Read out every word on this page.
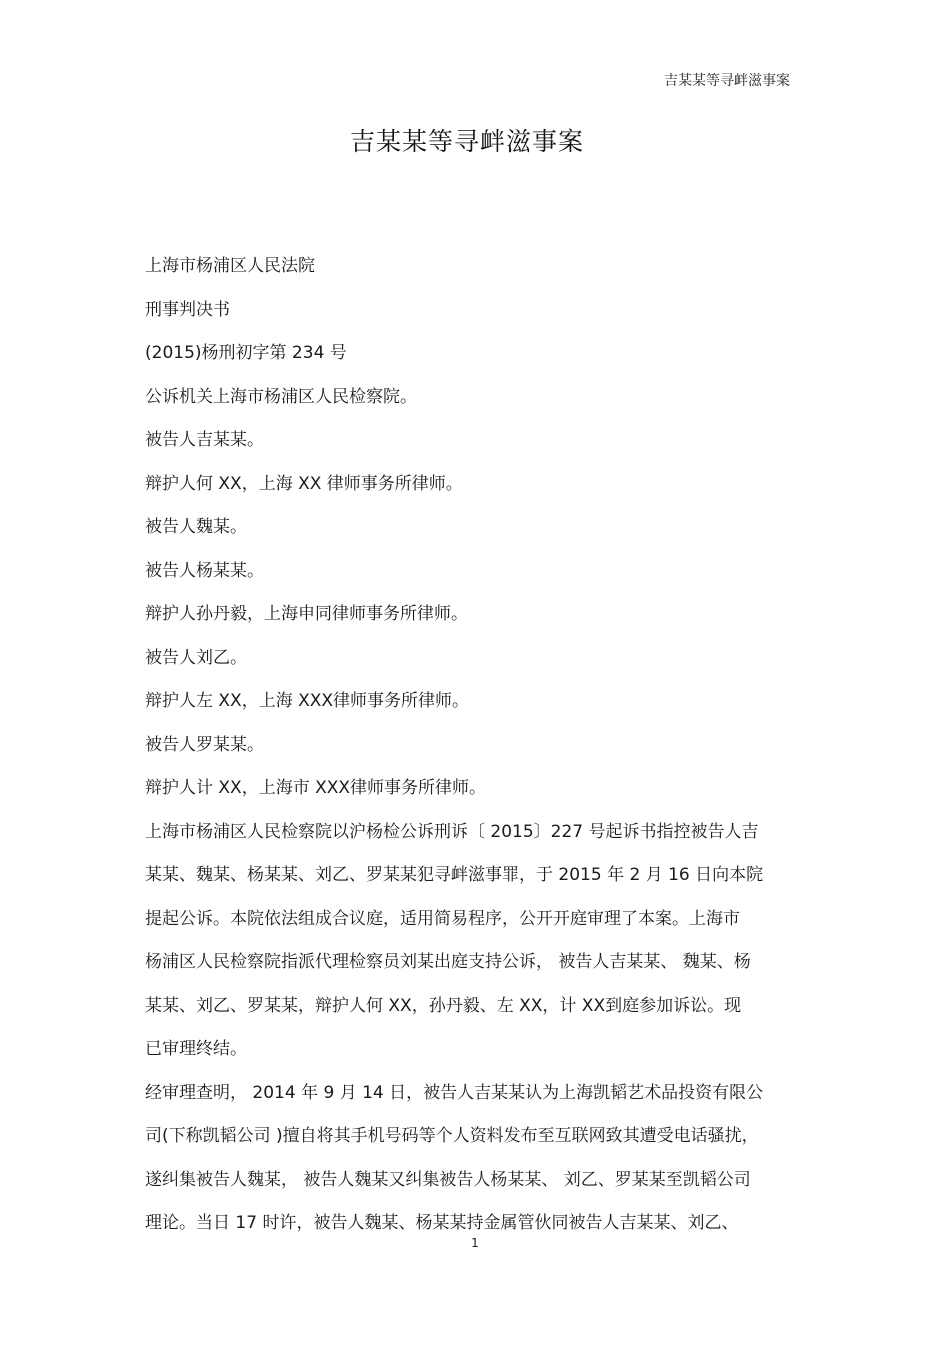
吉某某等寻衅滋事案
吉某某等寻衅滋事案
上海市杨浦区人民法院
刑事判决书
(2015)杨刑初字第 234 号
公诉机关上海市杨浦区人民检察院。
被告人吉某某。
辩护人何 XX，上海 XX 律师事务所律师。
被告人魏某。
被告人杨某某。
辩护人孙丹毅，上海申同律师事务所律师。
被告人刘乙。
辩护人左 XX，上海 XXX律师事务所律师。
被告人罗某某。
辩护人计 XX，上海市 XXX律师事务所律师。
上海市杨浦区人民检察院以沪杨检公诉刑诉〔 2015〕227 号起诉书指控被告人吉
某某、魏某、杨某某、刘乙、罗某某犯寻衅滋事罪，于 2015 年 2 月 16 日向本院
提起公诉。本院依法组成合议庭，适用简易程序，公开开庭审理了本案。上海市
杨浦区人民检察院指派代理检察员刘某出庭支持公诉， 被告人吉某某、 魏某、杨
某某、刘乙、罗某某，辩护人何 XX，孙丹毅、左 XX，计 XX到庭参加诉讼。现
已审理终结。
经审理查明， 2014 年 9 月 14 日，被告人吉某某认为上海凯韬艺术品投资有限公
司(下称凯韬公司 )擅自将其手机号码等个人资料发布至互联网致其遭受电话骚扰，
遂纠集被告人魏某， 被告人魏某又纠集被告人杨某某、 刘乙、罗某某至凯韬公司
理论。当日 17 时许，被告人魏某、杨某某持金属管伙同被告人吉某某、刘乙、
1
